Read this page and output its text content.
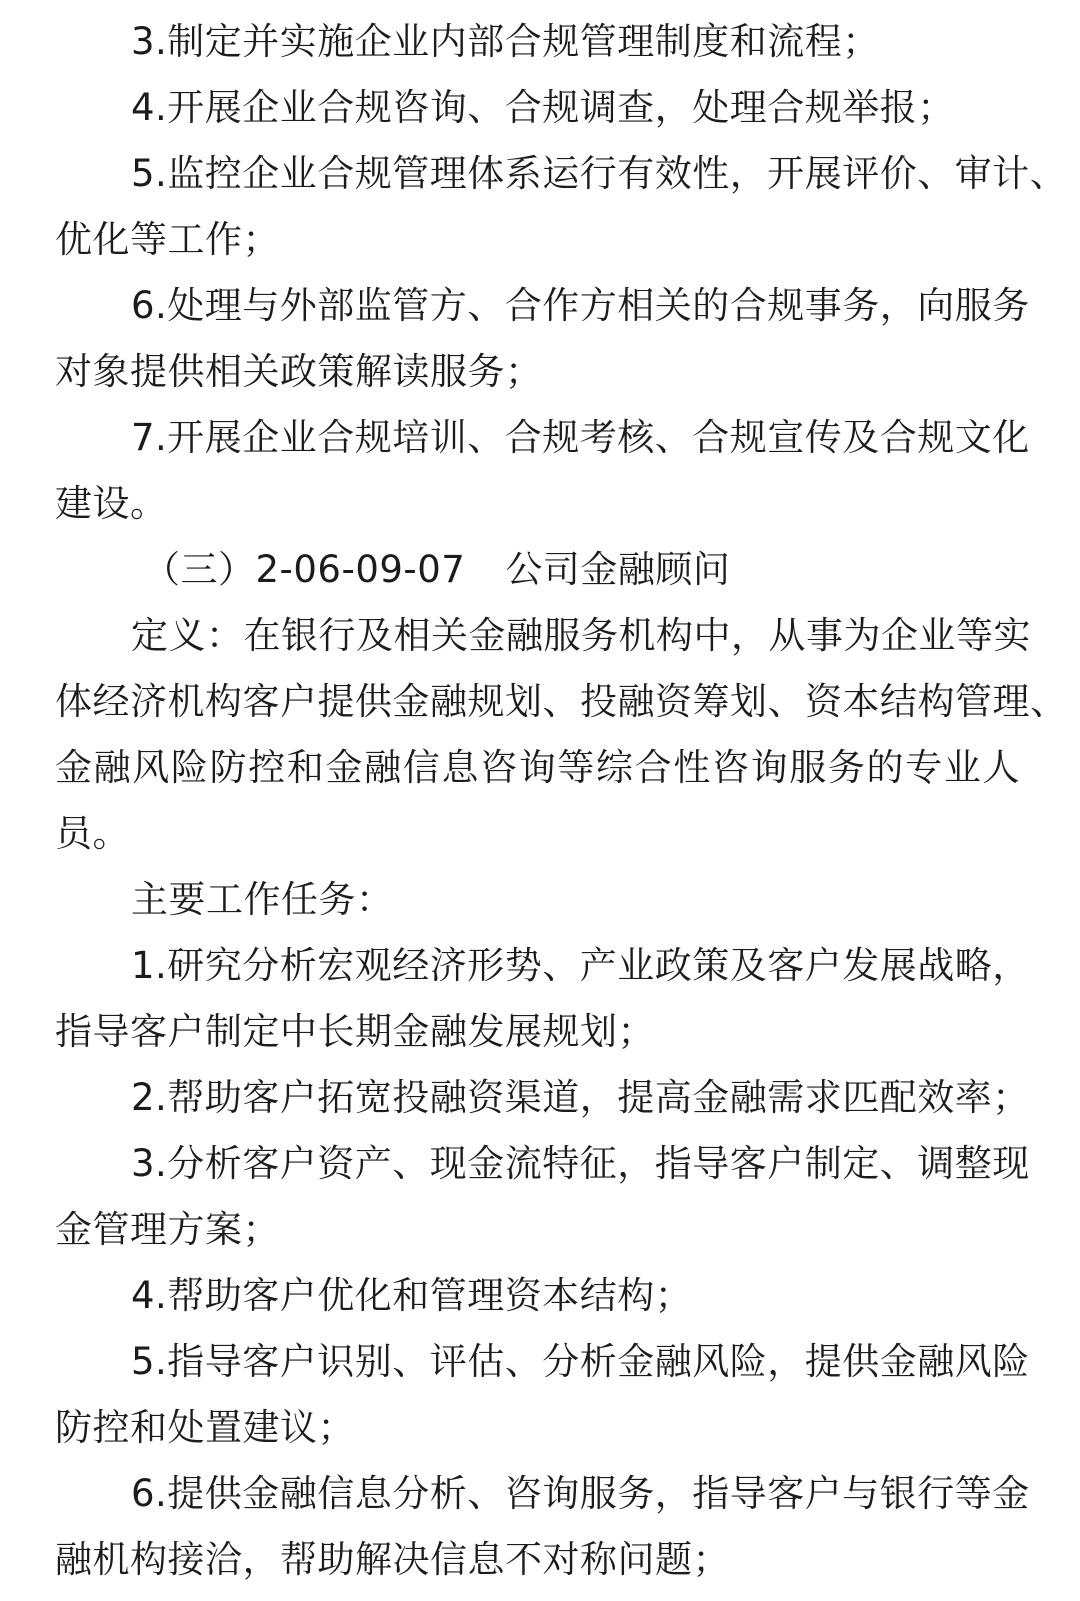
3.制定并实施企业内部合规管理制度和流程；
4.开展企业合规咨询、合规调查，处理合规举报；
5.监控企业合规管理体系运行有效性，开展评价、审计、
优化等工作；
6.处理与外部监管方、合作方相关的合规事务，向服务
对象提供相关政策解读服务；
7.开展企业合规培训、合规考核、合规宣传及合规文化
建设。
（三）2-06-09-07 公司金融顾问
定义：在银行及相关金融服务机构中，从事为企业等实
体经济机构客户提供金融规划、投融资筹划、资本结构管理、
金融风险防控和金融信息咨询等综合性咨询服务的专业人
员。
主要工作任务：
1.研究分析宏观经济形势、产业政策及客户发展战略，
指导客户制定中长期金融发展规划；
2.帮助客户拓宽投融资渠道，提高金融需求匹配效率；
3.分析客户资产、现金流特征，指导客户制定、调整现
金管理方案；
4.帮助客户优化和管理资本结构；
5.指导客户识别、评估、分析金融风险，提供金融风险
防控和处置建议；
6.提供金融信息分析、咨询服务，指导客户与银行等金
融机构接洽，帮助解决信息不对称问题；
